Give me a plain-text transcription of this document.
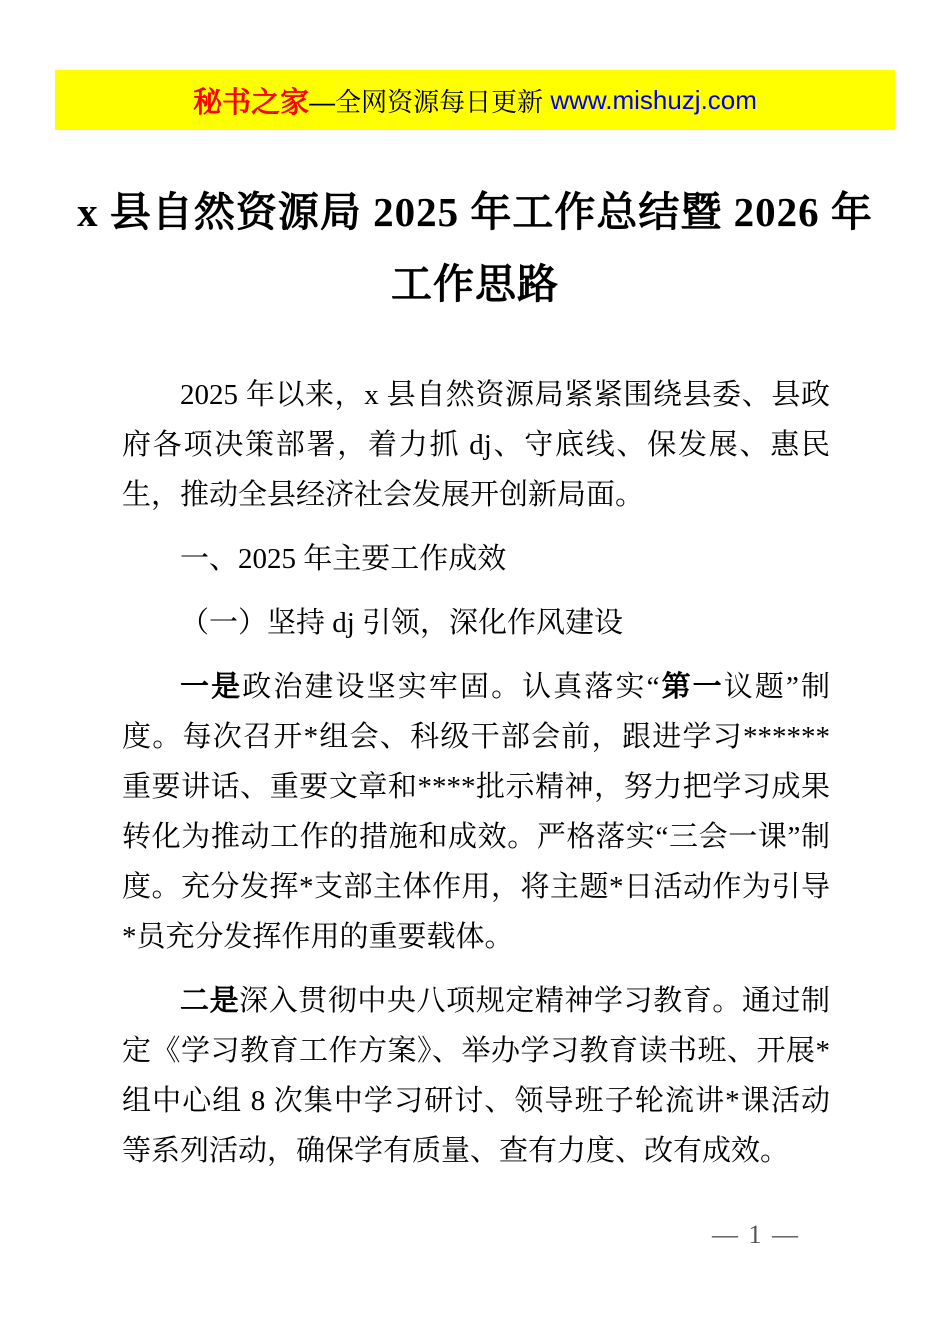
秘书之家 —全网资源每日更新 www.mishuzj.com
x 县自然资源局 2025 年工作总结暨 2026 年
工作思路

2025 年以来，x 县自然资源局紧紧围绕县委、县政府各项决策部署，着力抓 dj、守底线、保发展、惠民生，推动全县经济社会发展开创新局面。

一、2025 年主要工作成效

（一）坚持 dj 引领，深化作风建设

一是政治建设坚实牢固。认真落实“第一议题”制度。每次召开*组会、科级干部会前，跟进学习******重要讲话、重要文章和****批示精神，努力把学习成果转化为推动工作的措施和成效。严格落实“三会一课”制度。充分发挥*支部主体作用，将主题*日活动作为引导*员充分发挥作用的重要载体。

二是深入贯彻中央八项规定精神学习教育。通过制定《学习教育工作方案》、举办学习教育读书班、开展*组中心组 8 次集中学习研讨、领导班子轮流讲*课活动等系列活动，确保学有质量、查有力度、改有成效。

— 1 —
